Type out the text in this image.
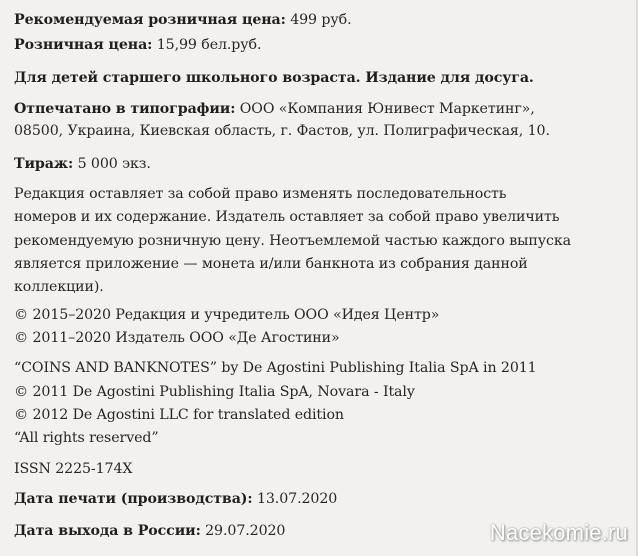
Рекомендуемая розничная цена: 499 руб.
Розничная цена: 15,99 бел.руб.
Для детей старшего школьного возраста. Издание для досуга.
Отпечатано в типографии: ООО «Компания Юнивест Маркетинг»,
08500, Украина, Киевская область, г. Фастов, ул. Полиграфическая, 10.
Тираж: 5 000 экз.
Редакция оставляет за собой право изменять последовательность
номеров и их содержание. Издатель оставляет за собой право увеличить
рекомендуемую розничную цену. Неотъемлемой частью каждого выпуска
является приложение — монета и/или банкнота из собрания данной
коллекции).
© 2015–2020 Редакция и учредитель ООО «Идея Центр»
© 2011–2020 Издатель ООО «Де Агостини»
“COINS AND BANKNOTES” by De Agostini Publishing Italia SpA in 2011
© 2011 De Agostini Publishing Italia SpA, Novara - Italy
© 2012 De Agostini LLC for translated edition
“All rights reserved”
ISSN 2225-174X
Дата печати (производства): 13.07.2020
Дата выхода в России: 29.07.2020	Nacekomie.ru
